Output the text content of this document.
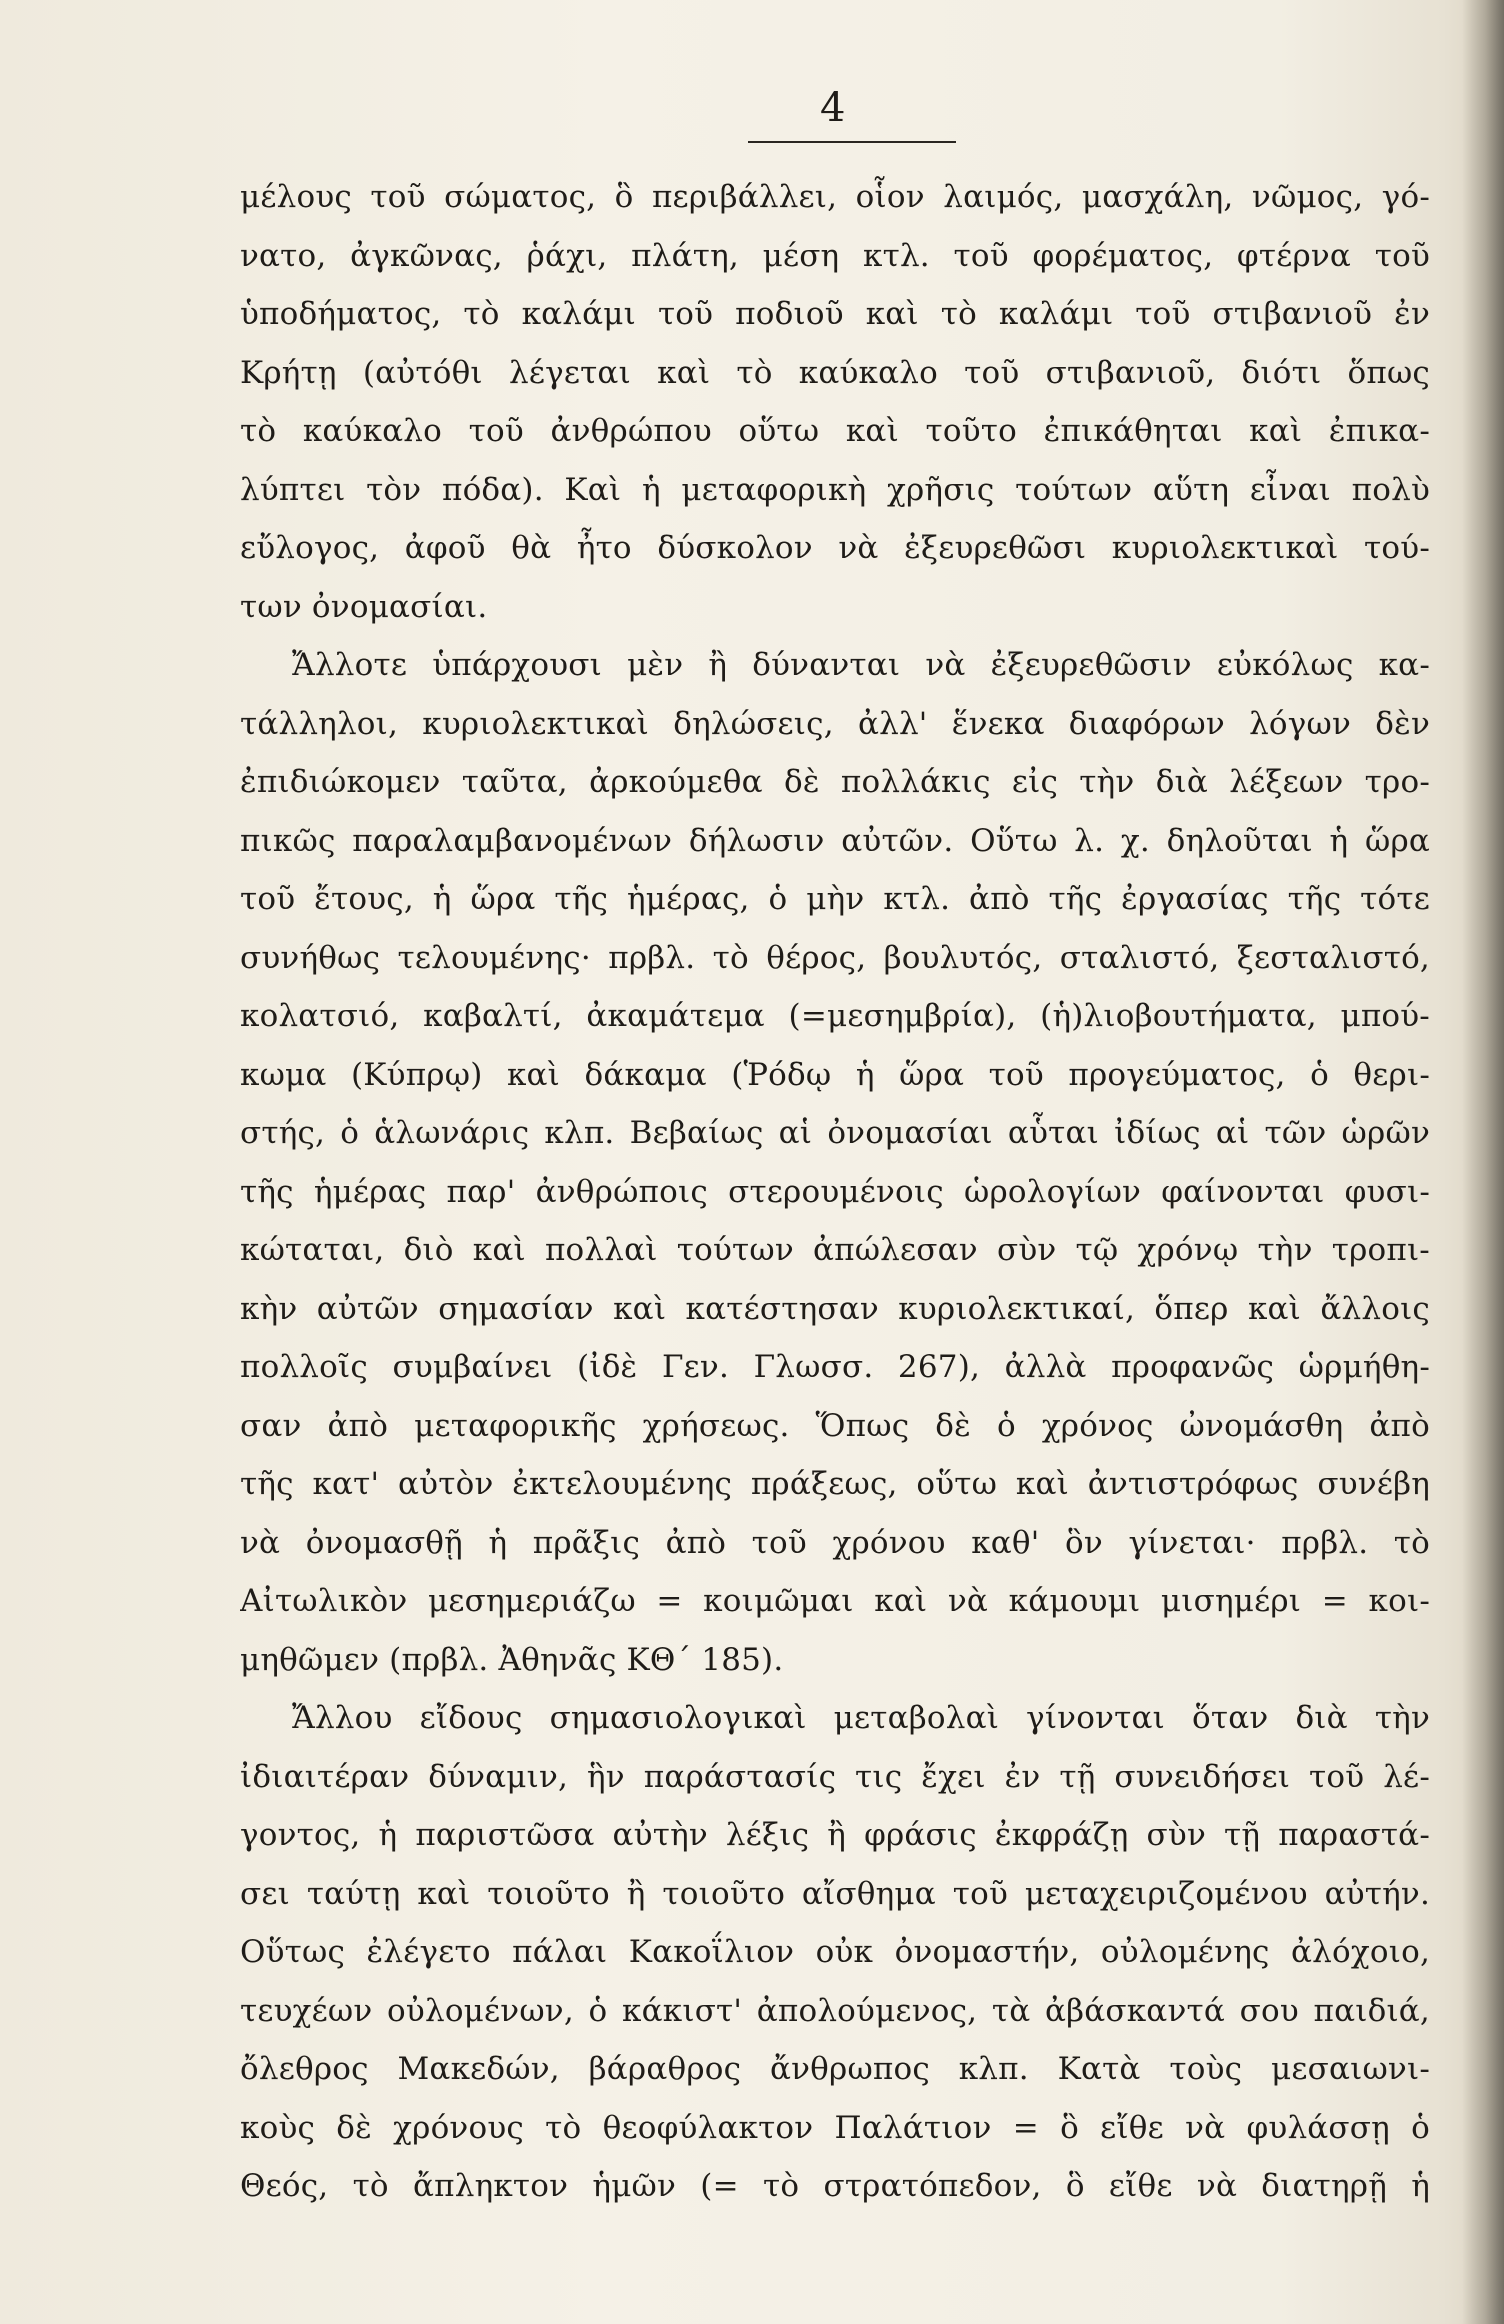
4
μέλους τοῦ σώματος, ὃ περιβάλλει, οἷον λαιμός, μασχάλη, νῶμος, γό-
νατο, ἀγκῶνας, ῥάχι, πλάτη, μέση κτλ. τοῦ φορέματος, φτέρνα τοῦ
ὑποδήματος, τὸ καλάμι τοῦ ποδιοῦ καὶ τὸ καλάμι τοῦ στιβανιοῦ ἐν
Κρήτῃ (αὐτόθι λέγεται καὶ τὸ καύκαλο τοῦ στιβανιοῦ, διότι ὅπως
τὸ καύκαλο τοῦ ἀνθρώπου οὕτω καὶ τοῦτο ἐπικάθηται καὶ ἐπικα-
λύπτει τὸν πόδα). Καὶ ἡ μεταφορικὴ χρῆσις τούτων αὕτη εἶναι πολὺ
εὔλογος, ἀφοῦ θὰ ἦτο δύσκολον νὰ ἐξευρεθῶσι κυριολεκτικαὶ τού-
των ὀνομασίαι.
Ἄλλοτε ὑπάρχουσι μὲν ἢ δύνανται νὰ ἐξευρεθῶσιν εὐκόλως κα-
τάλληλοι, κυριολεκτικαὶ δηλώσεις, ἀλλ' ἕνεκα διαφόρων λόγων δὲν
ἐπιδιώκομεν ταῦτα, ἀρκούμεθα δὲ πολλάκις εἰς τὴν διὰ λέξεων τρο-
πικῶς παραλαμβανομένων δήλωσιν αὐτῶν. Οὕτω λ. χ. δηλοῦται ἡ ὥρα
τοῦ ἔτους, ἡ ὥρα τῆς ἡμέρας, ὁ μὴν κτλ. ἀπὸ τῆς ἐργασίας τῆς τότε
συνήθως τελουμένης· πρβλ. τὸ θέρος, βουλυτός, σταλιστό, ξεσταλιστό,
κολατσιό, καβαλτί, ἀκαμάτεμα (=μεσημβρία), (ἡ)λιοβουτήματα, μπού-
κωμα (Κύπρῳ) καὶ δάκαμα (Ῥόδῳ ἡ ὥρα τοῦ προγεύματος, ὁ θερι-
στής, ὁ ἁλωνάρις κλπ. Βεβαίως αἱ ὀνομασίαι αὗται ἰδίως αἱ τῶν ὡρῶν
τῆς ἡμέρας παρ' ἀνθρώποις στερουμένοις ὡρολογίων φαίνονται φυσι-
κώταται, διὸ καὶ πολλαὶ τούτων ἀπώλεσαν σὺν τῷ χρόνῳ τὴν τροπι-
κὴν αὐτῶν σημασίαν καὶ κατέστησαν κυριολεκτικαί, ὅπερ καὶ ἄλλοις
πολλοῖς συμβαίνει (ἰδὲ Γεν. Γλωσσ. 267), ἀλλὰ προφανῶς ὡρμήθη-
σαν ἀπὸ μεταφορικῆς χρήσεως. Ὅπως δὲ ὁ χρόνος ὠνομάσθη ἀπὸ
τῆς κατ' αὐτὸν ἐκτελουμένης πράξεως, οὕτω καὶ ἀντιστρόφως συνέβη
νὰ ὀνομασθῇ ἡ πρᾶξις ἀπὸ τοῦ χρόνου καθ' ὃν γίνεται· πρβλ. τὸ
Αἰτωλικὸν μεσημεριάζω = κοιμῶμαι καὶ νὰ κάμουμι μισημέρι = κοι-
μηθῶμεν (πρβλ. Ἀθηνᾶς ΚΘ΄ 185).
Ἄλλου εἴδους σημασιολογικαὶ μεταβολαὶ γίνονται ὅταν διὰ τὴν
ἰδιαιτέραν δύναμιν, ἣν παράστασίς τις ἔχει ἐν τῇ συνειδήσει τοῦ λέ-
γοντος, ἡ παριστῶσα αὐτὴν λέξις ἢ φράσις ἐκφράζῃ σὺν τῇ παραστά-
σει ταύτῃ καὶ τοιοῦτο ἢ τοιοῦτο αἴσθημα τοῦ μεταχειριζομένου αὐτήν.
Οὕτως ἐλέγετο πάλαι Κακοΐλιον οὐκ ὀνομαστήν, οὐλομένης ἀλόχοιο,
τευχέων οὐλομένων, ὁ κάκιστ' ἀπολούμενος, τὰ ἀβάσκαντά σου παιδιά,
ὄλεθρος Μακεδών, βάραθρος ἄνθρωπος κλπ. Κατὰ τοὺς μεσαιωνι-
κοὺς δὲ χρόνους τὸ θεοφύλακτον Παλάτιον = ὃ εἴθε νὰ φυλάσσῃ ὁ
Θεός, τὸ ἄπληκτον ἡμῶν (= τὸ στρατόπεδον, ὃ εἴθε νὰ διατηρῇ ἡ
